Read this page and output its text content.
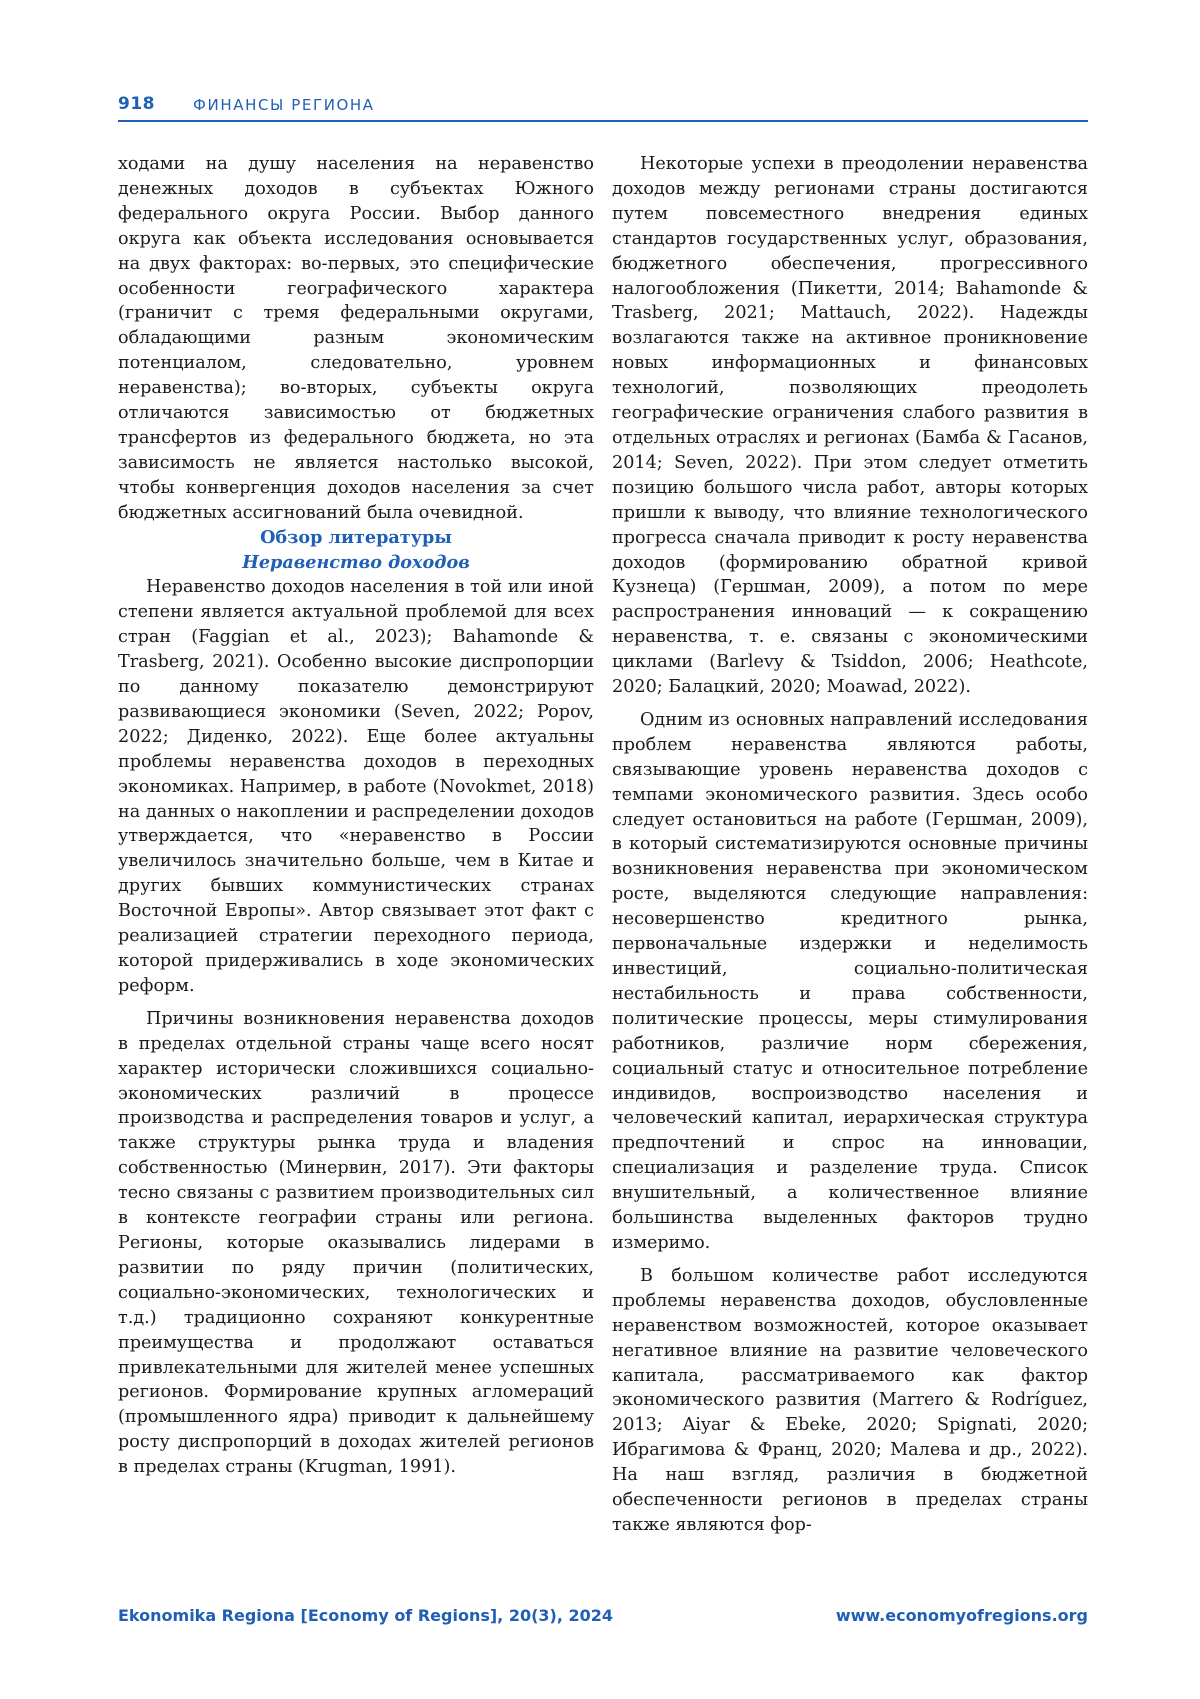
918	ФИНАНСЫ РЕГИОНА

ходами на душу населения на неравенство денежных доходов в субъектах Южного федерального округа России. Выбор данного округа как объекта исследования основывается на двух факторах: во-первых, это специфические особенности географического характера (граничит с тремя федеральными округами, обладающими разным экономическим потенциалом, следовательно, уровнем неравенства); во-вторых, субъекты округа отличаются зависимостью от бюджетных трансфертов из федерального бюджета, но эта зависимость не является настолько высокой, чтобы конвергенция доходов населения за счет бюджетных ассигнований была очевидной.

Обзор литературы

Неравенство доходов

Неравенство доходов населения в той или иной степени является актуальной проблемой для всех стран (Faggian et al., 2023); Bahamonde & Trasberg, 2021). Особенно высокие диспропорции по данному показателю демонстрируют развивающиеся экономики (Seven, 2022; Popov, 2022; Диденко, 2022). Еще более актуальны проблемы неравенства доходов в переходных экономиках. Например, в работе (Novokmet, 2018) на данных о накоплении и распределении доходов утверждается, что «неравенство в России увеличилось значительно больше, чем в Китае и других бывших коммунистических странах Восточной Европы». Автор связывает этот факт с реализацией стратегии переходного периода, которой придерживались в ходе экономических реформ.

Причины возникновения неравенства доходов в пределах отдельной страны чаще всего носят характер исторически сложившихся социально-экономических различий в процессе производства и распределения товаров и услуг, а также структуры рынка труда и владения собственностью (Минервин, 2017). Эти факторы тесно связаны с развитием производительных сил в контексте географии страны или региона. Регионы, которые оказывались лидерами в развитии по ряду причин (политических, социально-экономических, технологических и т.д.) традиционно сохраняют конкурентные преимущества и продолжают оставаться привлекательными для жителей менее успешных регионов. Формирование крупных агломераций (промышленного ядра) приводит к дальнейшему росту диспропорций в доходах жителей регионов в пределах страны (Krugman, 1991).

Некоторые успехи в преодолении неравенства доходов между регионами страны достигаются путем повсеместного внедрения единых стандартов государственных услуг, образования, бюджетного обеспечения, прогрессивного налогообложения (Пикетти, 2014; Bahamonde & Trasberg, 2021; Mattauch, 2022). Надежды возлагаются также на активное проникновение новых информационных и финансовых технологий, позволяющих преодолеть географические ограничения слабого развития в отдельных отраслях и регионах (Бамба & Гасанов, 2014; Seven, 2022). При этом следует отметить позицию большого числа работ, авторы которых пришли к выводу, что влияние технологического прогресса сначала приводит к росту неравенства доходов (формированию обратной кривой Кузнеца) (Гершман, 2009), а потом по мере распространения инноваций — к сокращению неравенства, т. е. связаны с экономическими циклами (Barlevy & Tsiddon, 2006; Heathcote, 2020; Балацкий, 2020; Moawad, 2022).

Одним из основных направлений исследования проблем неравенства являются работы, связывающие уровень неравенства доходов с темпами экономического развития. Здесь особо следует остановиться на работе (Гершман, 2009), в который систематизируются основные причины возникновения неравенства при экономическом росте, выделяются следующие направления: несовершенство кредитного рынка, первоначальные издержки и неделимость инвестиций, социально-политическая нестабильность и права собственности, политические процессы, меры стимулирования работников, различие норм сбережения, социальный статус и относительное потребление индивидов, воспроизводство населения и человеческий капитал, иерархическая структура предпочтений и спрос на инновации, специализация и разделение труда. Список внушительный, а количественное влияние большинства выделенных факторов трудно измеримо.

В большом количестве работ исследуются проблемы неравенства доходов, обусловленные неравенством возможностей, которое оказывает негативное влияние на развитие человеческого капитала, рассматриваемого как фактор экономического развития (Marrero & Rodríguez, 2013; Aiyar & Ebeke, 2020; Spignati, 2020; Ибрагимова & Франц, 2020; Малева и др., 2022). На наш взгляд, различия в бюджетной обеспеченности регионов в пределах страны также являются фор-

Ekonomika Regiona [Economy of Regions], 20(3), 2024	www.economyofregions.org
